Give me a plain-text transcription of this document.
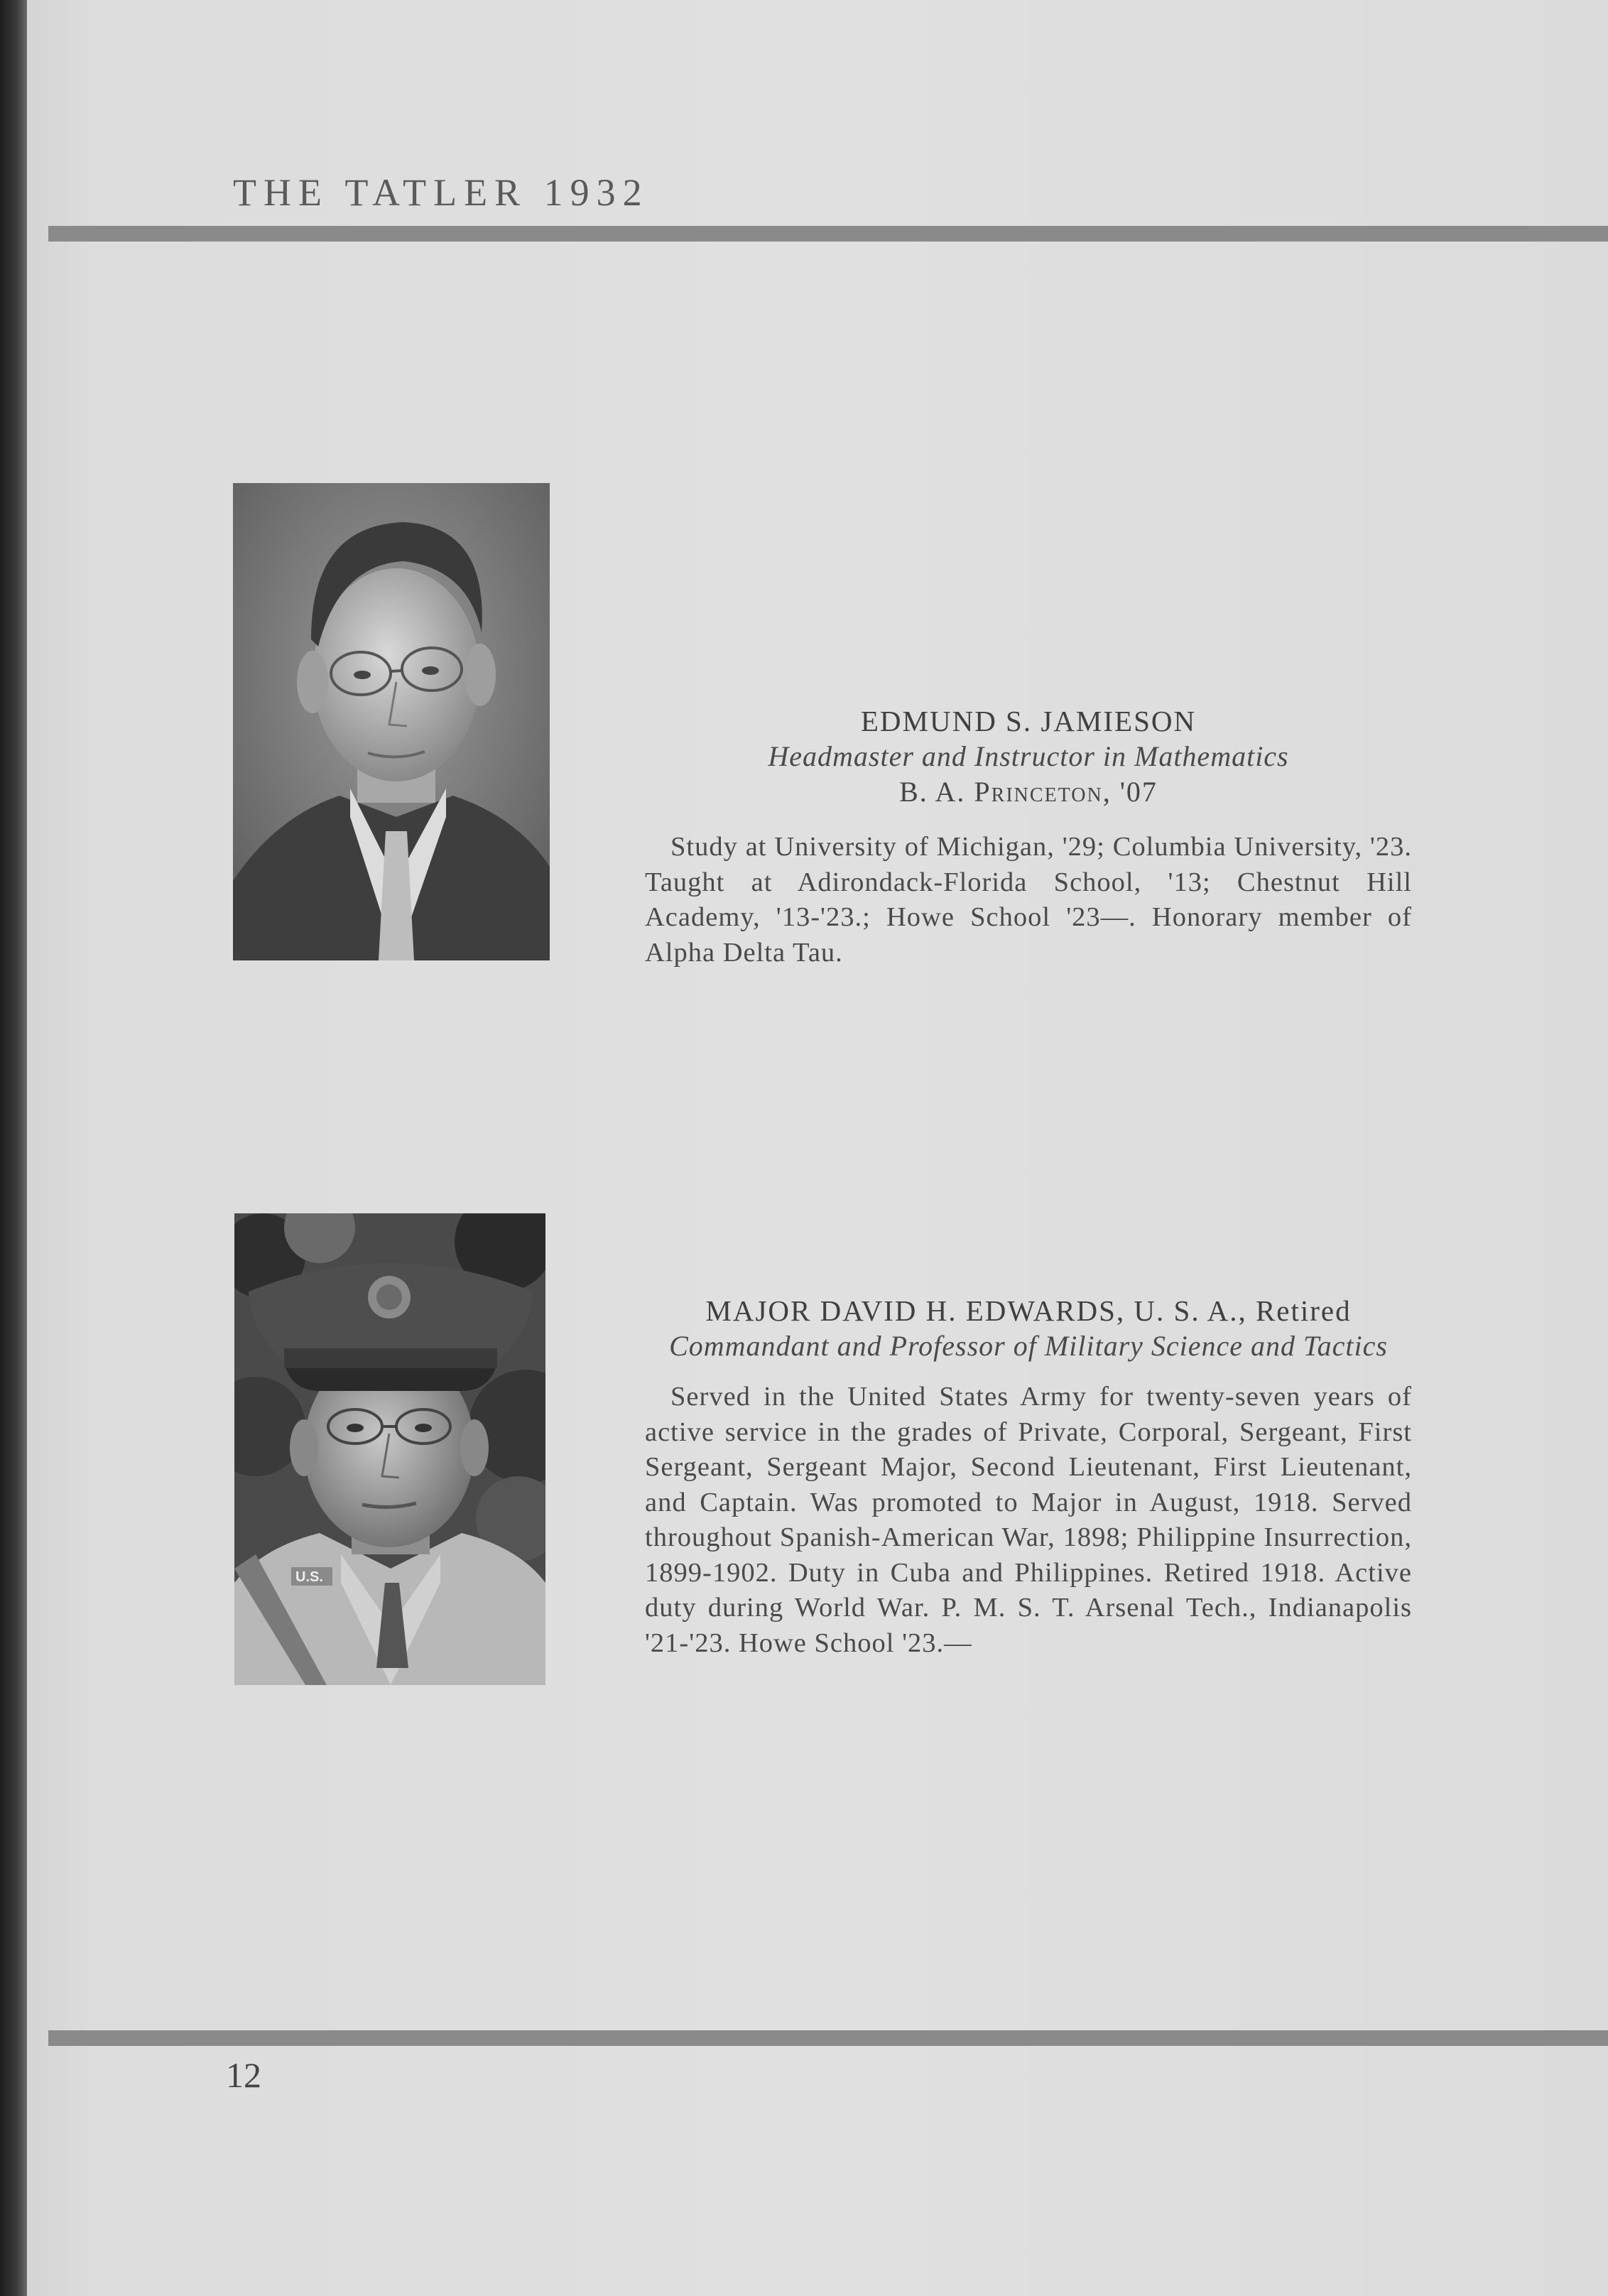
THE TATLER 1932
EDMUND S. JAMIESON
Headmaster and Instructor in Mathematics
B. A. Princeton, '07
Study at University of Michigan, '29; Columbia University, '23. Taught at Adirondack-Florida School, '13; Chestnut Hill Academy, '13-'23.; Howe School '23—. Honorary member of Alpha Delta Tau.
U.S.
MAJOR DAVID H. EDWARDS, U. S. A., Retired
Commandant and Professor of Military Science and Tactics
Served in the United States Army for twenty-seven years of active service in the grades of Private, Corporal, Sergeant, First Sergeant, Sergeant Major, Second Lieutenant, First Lieutenant, and Captain. Was promoted to Major in August, 1918. Served throughout Spanish-American War, 1898; Philippine Insurrection, 1899-1902. Duty in Cuba and Philippines. Retired 1918. Active duty during World War. P. M. S. T. Arsenal Tech., Indianapolis '21-'23. Howe School '23.—
12
